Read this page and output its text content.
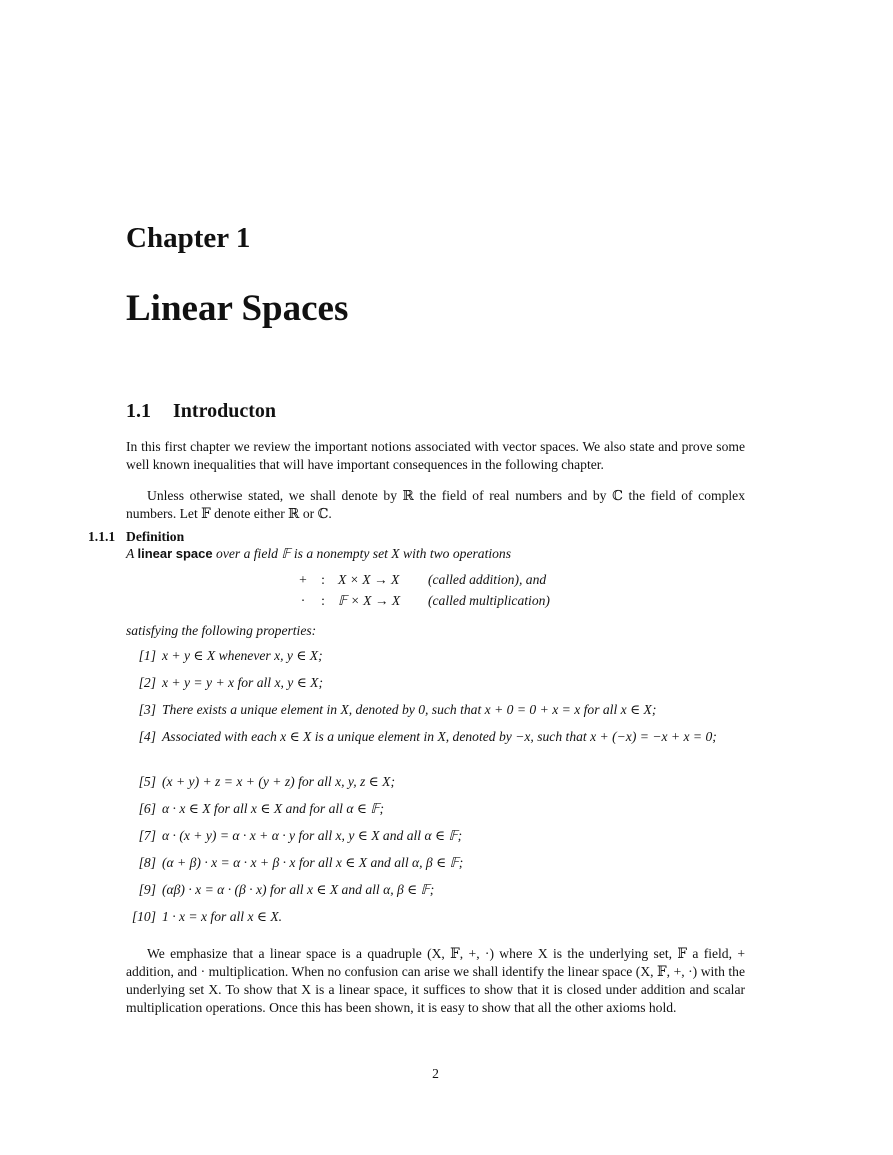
Chapter 1
Linear Spaces
1.1 Introducton
In this first chapter we review the important notions associated with vector spaces. We also state and prove some well known inequalities that will have important consequences in the following chapter.
Unless otherwise stated, we shall denote by ℝ the field of real numbers and by ℂ the field of complex numbers. Let 𝔽 denote either ℝ or ℂ.
1.1.1 Definition
A linear space over a field 𝔽 is a nonempty set X with two operations
+	: X × X → X	(called addition), and
·	: 𝔽 × X → X	(called multiplication)
satisfying the following properties:
[1] x + y ∈ X whenever x, y ∈ X;
[2] x + y = y + x for all x, y ∈ X;
[3] There exists a unique element in X, denoted by 0, such that x + 0 = 0 + x = x for all x ∈ X;
[4] Associated with each x ∈ X is a unique element in X, denoted by −x, such that x + (−x) = −x + x = 0;
[5] (x + y) + z = x + (y + z) for all x, y, z ∈ X;
[6] α · x ∈ X for all x ∈ X and for all α ∈ 𝔽;
[7] α · (x + y) = α · x + α · y for all x, y ∈ X and all α ∈ 𝔽;
[8] (α + β) · x = α · x + β · x for all x ∈ X and all α, β ∈ 𝔽;
[9] (αβ) · x = α · (β · x) for all x ∈ X and all α, β ∈ 𝔽;
[10] 1 · x = x for all x ∈ X.
We emphasize that a linear space is a quadruple (X, 𝔽, +, ·) where X is the underlying set, 𝔽 a field, + addition, and · multiplication. When no confusion can arise we shall identify the linear space (X, 𝔽, +, ·) with the underlying set X. To show that X is a linear space, it suffices to show that it is closed under addition and scalar multiplication operations. Once this has been shown, it is easy to show that all the other axioms hold.
2
